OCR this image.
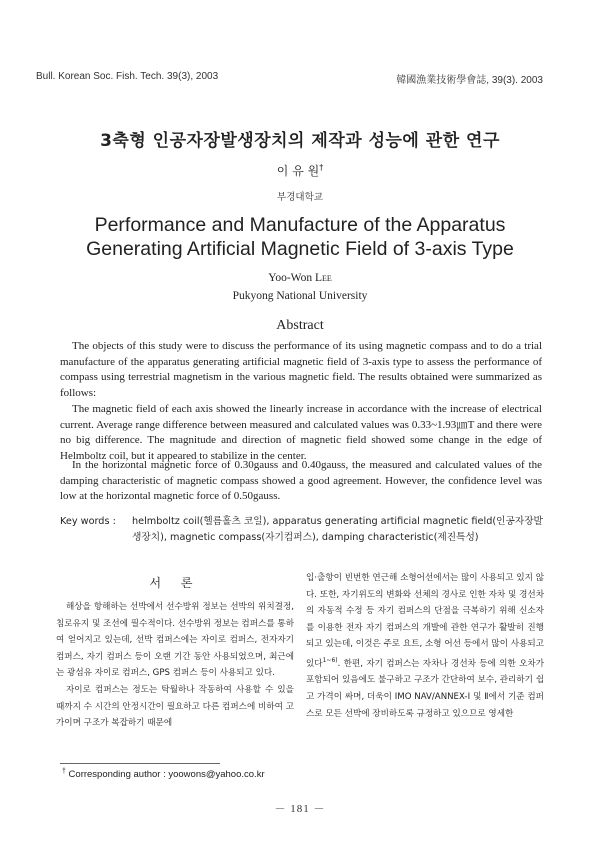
Bull. Korean Soc. Fish. Tech. 39(3), 2003	韓國漁業技術學會誌, 39(3). 2003
3축형 인공자장발생장치의 제작과 성능에 관한 연구
이 유 원†
부경대학교
Performance and Manufacture of the Apparatus
Generating Artificial Magnetic Field of 3-axis Type
Yoo-Won Lee
Pukyong National University
Abstract

The objects of this study were to discuss the performance of its using magnetic compass and to do a trial manufacture of the apparatus generating artificial magnetic field of 3-axis type to assess the performance of compass using terrestrial magnetism in the various magnetic field. The results obtained were summarized as follows:

The magnetic field of each axis showed the linearly increase in accordance with the increase of electrical current. Average range difference between measured and calculated values was 0.33~1.93㎛T and there were no big difference. The magnitude and direction of magnetic field showed some change in the edge of Helmboltz coil, but it appeared to stabilize in the center.

In the horizontal magnetic force of 0.30gauss and 0.40gauss, the measured and calculated values of the damping characteristic of magnetic compass showed a good agreement. However, the confidence level was low at the horizontal magnetic force of 0.50gauss.

Key words : helmboltz coil(헬름홀츠 코일), apparatus generating artificial magnetic field(인공자장발생장치), magnetic compass(자기컴퍼스), damping characteristic(제진특성)
서 론

해상을 항해하는 선박에서 선수방위 정보는 선박의 위치결정, 침로유지 및 조선에 필수적이다. 선수방위 정보는 컴퍼스를 통하여 얻어지고 있는데, 선박 컴퍼스에는 자이로 컴퍼스, 전자자기 컴퍼스, 자기 컴퍼스 등이 오랜 기간 동안 사용되었으며, 최근에는 광섬유 자이로 컴퍼스, GPS 컴퍼스 등이 사용되고 있다.

자이로 컴퍼스는 정도는 탁월하나 작동하여 사용할 수 있을 때까지 수 시간의 안정시간이 필요하고 다른 컴퍼스에 비하여 고가이며 구조가 복잡하기 때문에

입·출항이 빈번한 연근해 소형어선에서는 많이 사용되고 있지 않다. 또한, 자기위도의 변화와 선체의 경사로 인한 자차 및 경선차의 자동적 수정 등 자기 컴퍼스의 단점을 극복하기 위해 신소자를 이용한 전자 자기 컴퍼스의 개발에 관한 연구가 활발히 진행되고 있는데, 이것은 주로 요트, 소형 어선 등에서 많이 사용되고 있다$^{1\sim 6)}$. 한편, 자기 컴퍼스는 자차나 경선차 등에 의한 오차가 포함되어 있음에도 불구하고 구조가 간단하여 보수, 관리하기 쉽고 가격이 싸며, 더욱이 IMO NAV/ANNEX-Ⅰ 및 Ⅱ에서 기준 컴퍼스로 모든 선박에 장비하도록 규정하고 있으므로 영세한

† Corresponding author : yoowons@yahoo.co.kr
－ 181 －
